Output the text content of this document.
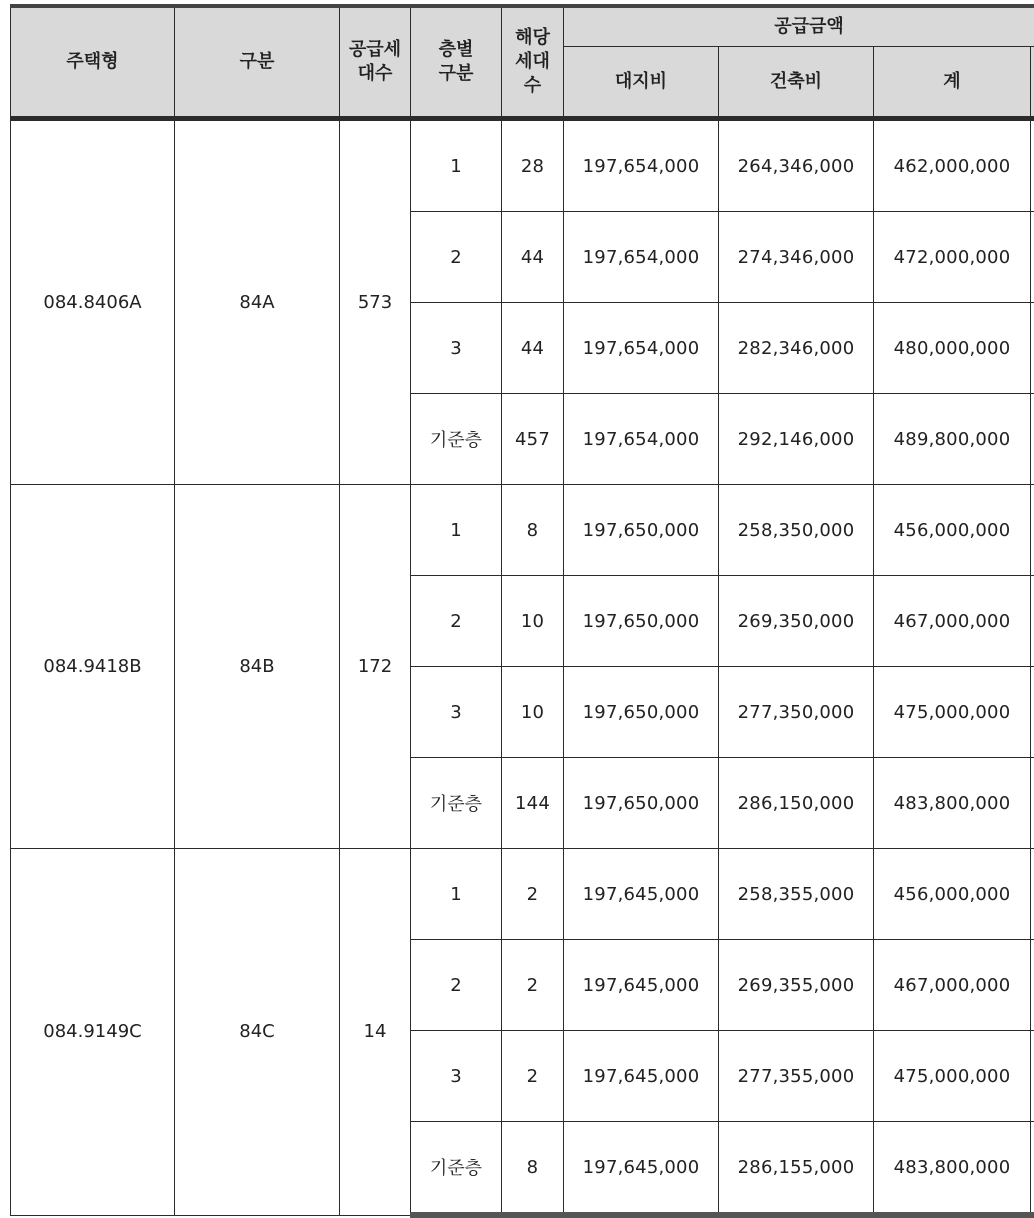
주택형	구분	공급세대수	층별구분	해당세대수	공급금액			
					대지비	건축비	계	
084.8406A	84A	573	1	28	197,654,000	264,346,000	462,000,000	
			2	44	197,654,000	274,346,000	472,000,000	
			3	44	197,654,000	282,346,000	480,000,000	
			기준층	457	197,654,000	292,146,000	489,800,000	
084.9418B	84B	172	1	8	197,650,000	258,350,000	456,000,000	
			2	10	197,650,000	269,350,000	467,000,000	
			3	10	197,650,000	277,350,000	475,000,000	
			기준층	144	197,650,000	286,150,000	483,800,000	
084.9149C	84C	14	1	2	197,645,000	258,355,000	456,000,000	
			2	2	197,645,000	269,355,000	467,000,000	
			3	2	197,645,000	277,355,000	475,000,000	
			기준층	8	197,645,000	286,155,000	483,800,000	
